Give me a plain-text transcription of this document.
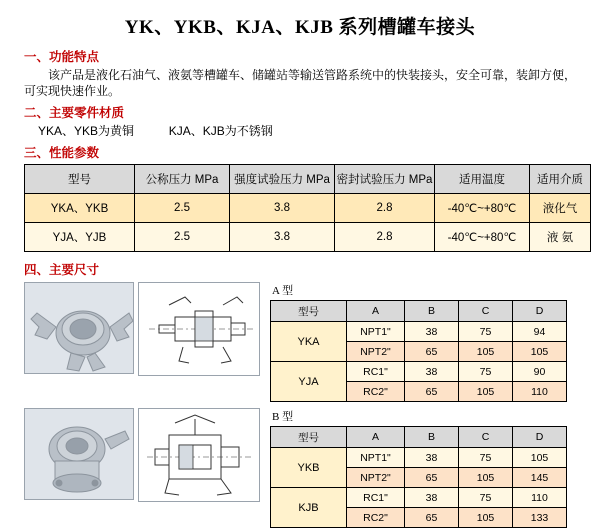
YK、YKB、KJA、KJB 系列槽罐车接头
一、功能特点
该产品是液化石油气、液氨等槽罐车、储罐站等输送管路系统中的快装接头，安全可靠，装卸方便，可实现快速作业。
二、主要零件材质
YKA、YKB为黄铜	KJA、KJB为不锈钢
三、性能参数
型号	公称压力 MPa	强度试验压力 MPa	密封试验压力 MPa	适用温度	适用介质
YKA、YKB	2.5	3.8	2.8	-40℃~+80℃	液化气
YJA、YJB	2.5	3.8	2.8	-40℃~+80℃	液 氨
四、主要尺寸
A 型
型号	A	B	C	D
YKA	NPT1"	38	75	94
	NPT2"	65	105	105
YJA	RC1"	38	75	90
	RC2"	65	105	110
B 型
型号	A	B	C	D
YKB	NPT1"	38	75	105
	NPT2"	65	105	145
KJB	RC1"	38	75	110
	RC2"	65	105	133
